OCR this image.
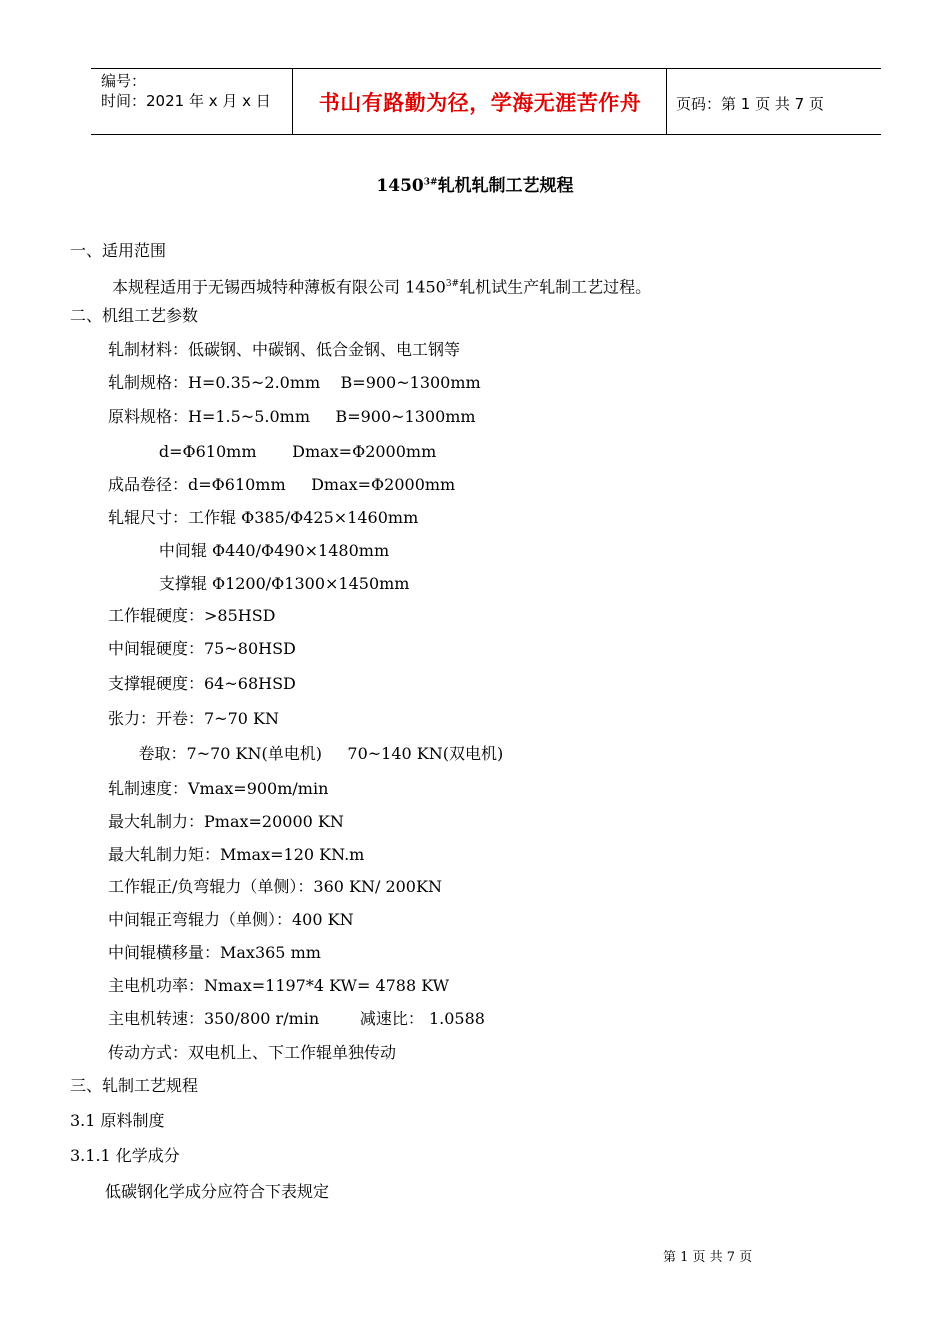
编号：
时间：2021 年 x 月 x 日	书山有路勤为径，学海无涯苦作舟	页码：第 1 页 共 7 页
$1450^{3\#}$轧机轧制工艺规程
一、适用范围
本规程适用于无锡西城特种薄板有限公司 $1450^{3\#}$轧机试生产轧制工艺过程。
二、机组工艺参数
轧制材料：低碳钢、中碳钢、低合金钢、电工钢等
轧制规格：H=0.35~2.0mm    B=900~1300mm
原料规格：H=1.5~5.0mm     B=900~1300mm
d=Φ610mm       Dmax=Φ2000mm
成品卷径：d=Φ610mm     Dmax=Φ2000mm
轧辊尺寸：工作辊 Φ385/Φ425×1460mm
中间辊 Φ440/Φ490×1480mm
支撑辊 Φ1200/Φ1300×1450mm
工作辊硬度：>85HSD
中间辊硬度：75~80HSD
支撑辊硬度：64~68HSD
张力：开卷：7~70 KN
卷取：7~70 KN(单电机)     70~140 KN(双电机)
轧制速度：Vmax=900m/min
最大轧制力：Pmax=20000 KN
最大轧制力矩：Mmax=120 KN.m
工作辊正/负弯辊力（单侧）：360 KN/ 200KN
中间辊正弯辊力（单侧）：400 KN
中间辊横移量：Max365 mm
主电机功率：Nmax=1197*4 KW= 4788 KW
主电机转速：350/800 r/min        减速比： 1.0588
传动方式：双电机上、下工作辊单独传动
三、轧制工艺规程
3.1 原料制度
3.1.1 化学成分
低碳钢化学成分应符合下表规定
第 1 页 共 7 页
